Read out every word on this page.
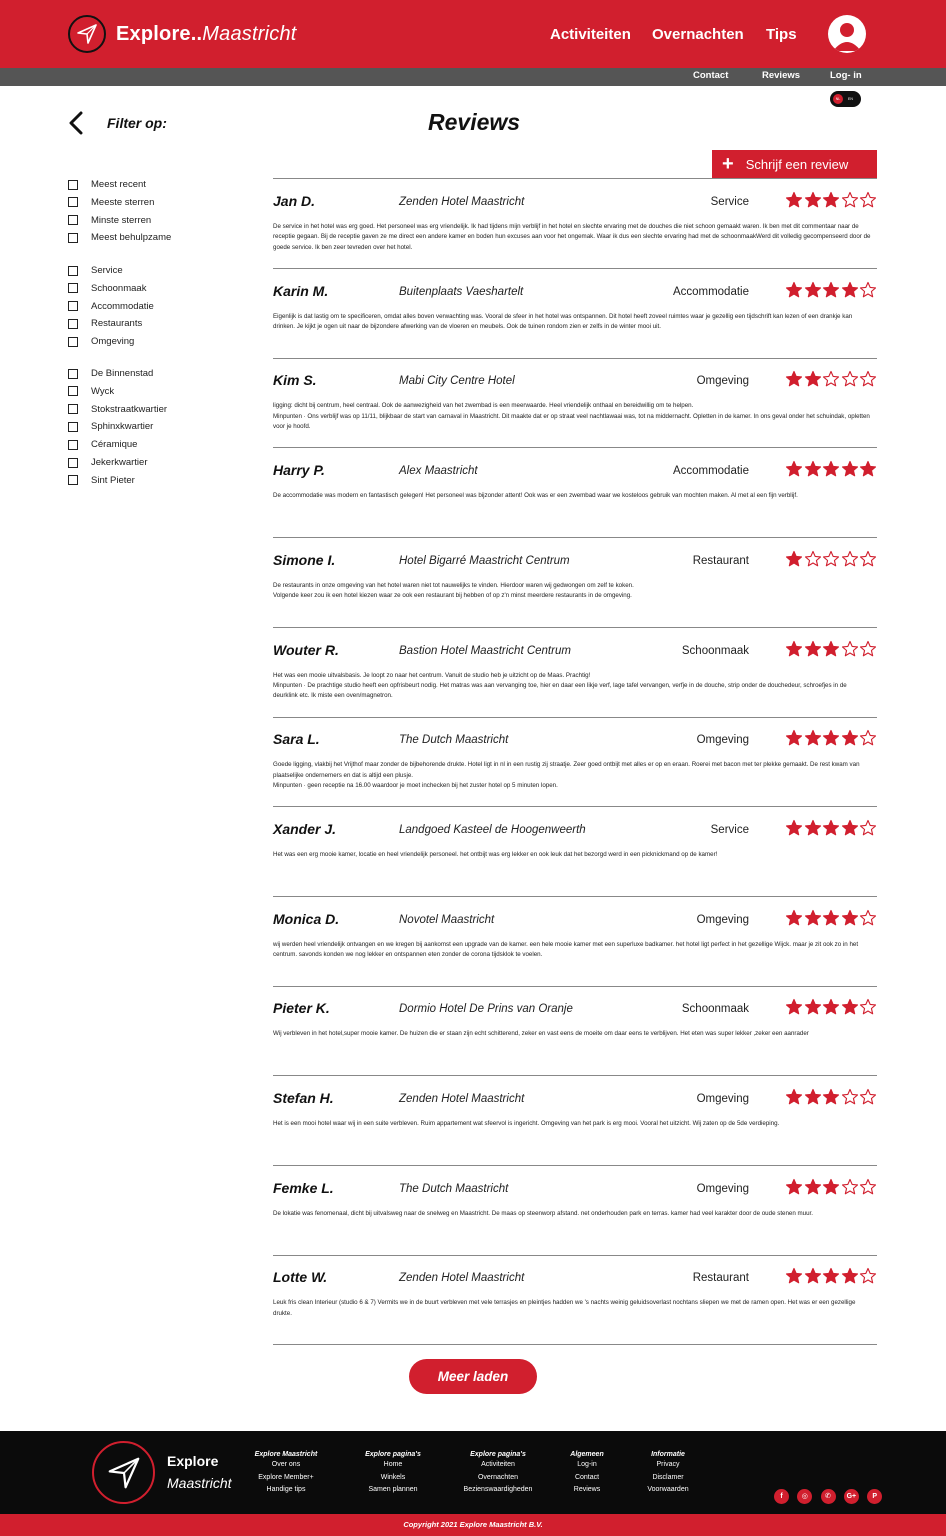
Explore..Maastricht	Activiteiten Overnachten Tips
Contact	Reviews	Log- in
NL	EN
Filter op:
Meest recent
Meeste sterren
Minste sterren
Meest behulpzame
Service
Schoonmaak
Accommodatie
Restaurants
Omgeving
De Binnenstad
Wyck
Stokstraatkwartier
Sphinxkwartier
Céramique
Jekerkwartier
Sint Pieter
Reviews
+ Schrijf een review
Jan D.	Zenden Hotel Maastricht	Service
De service in het hotel was erg goed. Het personeel was erg vriendelijk. Ik had tijdens mijn verblijf in het hotel en slechte ervaring met de douches die niet schoon gemaakt waren. Ik ben met dit commentaar naar de receptie gegaan. Bij de receptie gaven ze me direct een andere kamer en boden hun excuses aan voor het ongemak. Waar ik dus een slechte ervaring had met de schoonmaakWerd dit volledig gecompenseerd door de goede service. Ik ben zeer tevreden over het hotel.
Karin M.	Buitenplaats Vaeshartelt	Accommodatie
Eigenlijk is dat lastig om te specificeren, omdat alles boven verwachting was. Vooral de sfeer in het hotel was ontspannen. Dit hotel heeft zoveel ruimtes waar je gezellig een tijdschrift kan lezen of een drankje kan drinken. Je kijkt je ogen uit naar de bijzondere afwerking van de vloeren en meubels. Ook de tuinen rondom zien er zelfs in de winter mooi uit.
Kim S.	Mabi City Centre Hotel	Omgeving
ligging: dicht bij centrum, heel centraal. Ook de aanwezigheid van het zwembad is een meerwaarde. Heel vriendelijk onthaal en bereidwillig om te helpen.
Minpunten · Ons verblijf was op 11/11, blijkbaar de start van carnaval in Maastricht. Dit maakte dat er op straat veel nachtlawaai was, tot na middernacht. Opletten in de kamer. In ons geval onder het schuindak, opletten voor je hoofd.
Harry P.	Alex Maastricht	Accommodatie
De accommodatie was modern en fantastisch gelegen! Het personeel was bijzonder attent! Ook was er een zwembad waar we kosteloos gebruik van mochten maken. Al met al een fijn verblijf.
Simone I.	Hotel Bigarré Maastricht Centrum	Restaurant
De restaurants in onze omgeving van het hotel waren niet tot nauwelijks te vinden. Hierdoor waren wij gedwongen om zelf te koken.
Volgende keer zou ik een hotel kiezen waar ze ook een restaurant bij hebben of op z'n minst meerdere restaurants in de omgeving.
Wouter R.	Bastion Hotel Maastricht Centrum	Schoonmaak
Het was een mooie uitvalsbasis. Je loopt zo naar het centrum. Vanuit de studio heb je uitzicht op de Maas. Prachtig!
Minpunten · De prachtige studio heeft een opfrisbeurt nodig. Het matras was aan vervanging toe, hier en daar een likje verf, lage tafel vervangen, verfje in de douche, strip onder de douchedeur, schroefjes in de deurklink etc. Ik miste een oven/magnetron.
Sara L.	The Dutch Maastricht	Omgeving
Goede ligging, vlakbij het Vrijthof maar zonder de bijbehorende drukte. Hotel ligt in nl in een rustig zij straatje. Zeer goed ontbijt met alles er op en eraan. Roerei met bacon met ter plekke gemaakt. De rest kwam van plaatselijke ondernemers en dat is altijd een plusje.
Minpunten · geen receptie na 16.00 waardoor je moet inchecken bij het zuster hotel op 5 minuten lopen.
Xander J.	Landgoed Kasteel de Hoogenweerth	Service
Het was een erg mooie kamer, locatie en heel vriendelijk personeel. het ontbijt was erg lekker en ook leuk dat het bezorgd werd in een picknickmand op de kamer!
Monica D.	Novotel Maastricht	Omgeving
wij werden heel vriendelijk ontvangen en we kregen bij aankomst een upgrade van de kamer. een hele mooie kamer met een superluxe badkamer. het hotel ligt perfect in het gezellige Wijck. maar je zit ook zo in het centrum. savonds konden we nog lekker en ontspannen eten zonder de corona tijdsklok te voelen.
Pieter K.	Dormio Hotel De Prins van Oranje	Schoonmaak
Wij verbleven in het hotel,super mooie kamer. De huizen die er staan zijn echt schitterend, zeker en vast eens de moeite om daar eens te verblijven. Het eten was super lekker ,zeker een aanrader
Stefan H.	Zenden Hotel Maastricht	Omgeving
Het is een mooi hotel waar wij in een suite verbleven. Ruim appartement wat sfeervol is ingericht. Omgeving van het park is erg mooi. Vooral het uitzicht. Wij zaten op de 5de verdieping.
Femke L.	The Dutch Maastricht	Omgeving
De lokatie was fenomenaal, dicht bij uitvalsweg naar de snelweg en Maastricht. De maas op steenworp afstand. net onderhouden park en terras. kamer had veel karakter door de oude stenen muur.
Lotte W.	Zenden Hotel Maastricht	Restaurant
Leuk fris clean Interieur (studio 6 & 7) Vermits we in de buurt verbleven met vele terrasjes en pleintjes hadden we 's nachts weinig geluidsoverlast nochtans sliepen we met de ramen open. Het was er een gezellige drukte.
Meer laden
Explore
Maastricht
Explore Maastricht
Over ons
Explore Member+
Handige tips
Explore pagina's
Home
Winkels
Samen plannen
Explore pagina's
Activiteiten
Overnachten
Bezienswaardigheden
Algemeen
Log-in
Contact
Reviews
Informatie
Privacy
Disclamer
Voorwaarden
f	◎	✆	G+	P
Copyright 2021 Explore Maastricht B.V.
